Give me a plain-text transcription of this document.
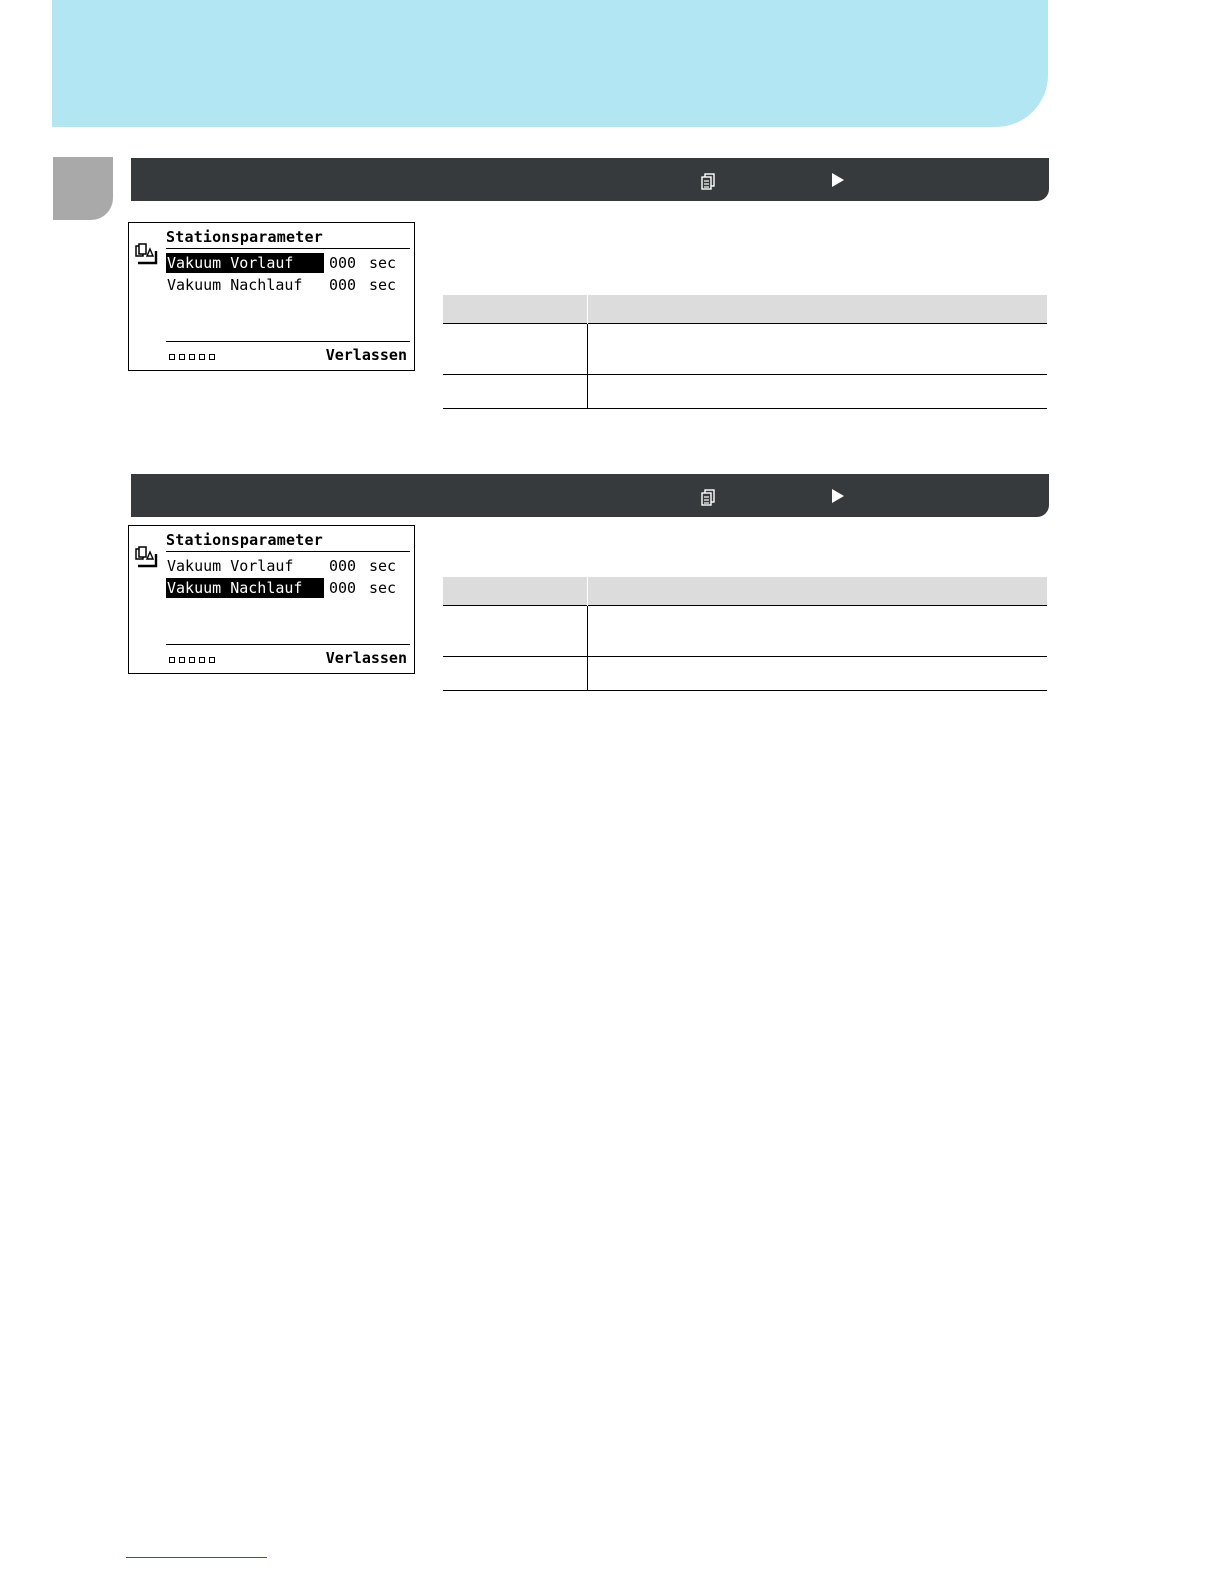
Stationsparameter
Vakuum Vorlauf	000 sec
Vakuum Nachlauf	000 sec
Verlassen
Stationsparameter
Vakuum Vorlauf	000 sec
Vakuum Nachlauf	000 sec
Verlassen
